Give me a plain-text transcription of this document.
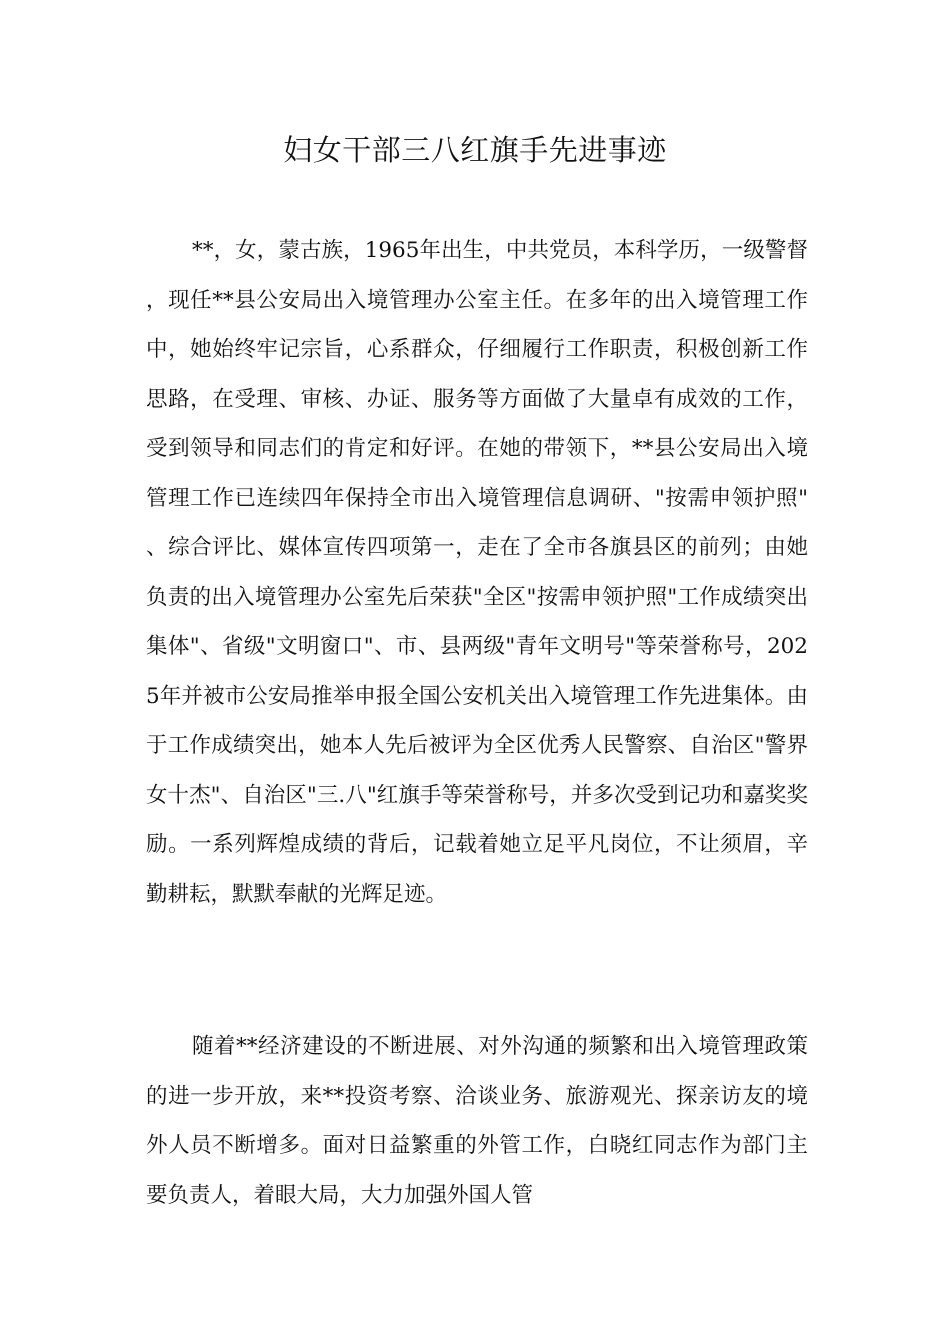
妇女干部三八红旗手先进事迹

**，女，蒙古族，1965年出生，中共党员，本科学历，一级警督，现任**县公安局出入境管理办公室主任。在多年的出入境管理工作中，她始终牢记宗旨，心系群众，仔细履行工作职责，积极创新工作思路，在受理、审核、办证、服务等方面做了大量卓有成效的工作，受到领导和同志们的肯定和好评。在她的带领下，**县公安局出入境管理工作已连续四年保持全市出入境管理信息调研、"按需申领护照"、综合评比、媒体宣传四项第一，走在了全市各旗县区的前列；由她负责的出入境管理办公室先后荣获"全区"按需申领护照"工作成绩突出集体"、省级"文明窗口"、市、县两级"青年文明号"等荣誉称号，2025年并被市公安局推举申报全国公安机关出入境管理工作先进集体。由于工作成绩突出，她本人先后被评为全区优秀人民警察、自治区"警界女十杰"、自治区"三.八"红旗手等荣誉称号，并多次受到记功和嘉奖奖励。一系列辉煌成绩的背后，记载着她立足平凡岗位，不让须眉，辛勤耕耘，默默奉献的光辉足迹。

随着**经济建设的不断进展、对外沟通的频繁和出入境管理政策的进一步开放，来**投资考察、洽谈业务、旅游观光、探亲访友的境外人员不断增多。面对日益繁重的外管工作，白晓红同志作为部门主要负责人，着眼大局，大力加强外国人管
